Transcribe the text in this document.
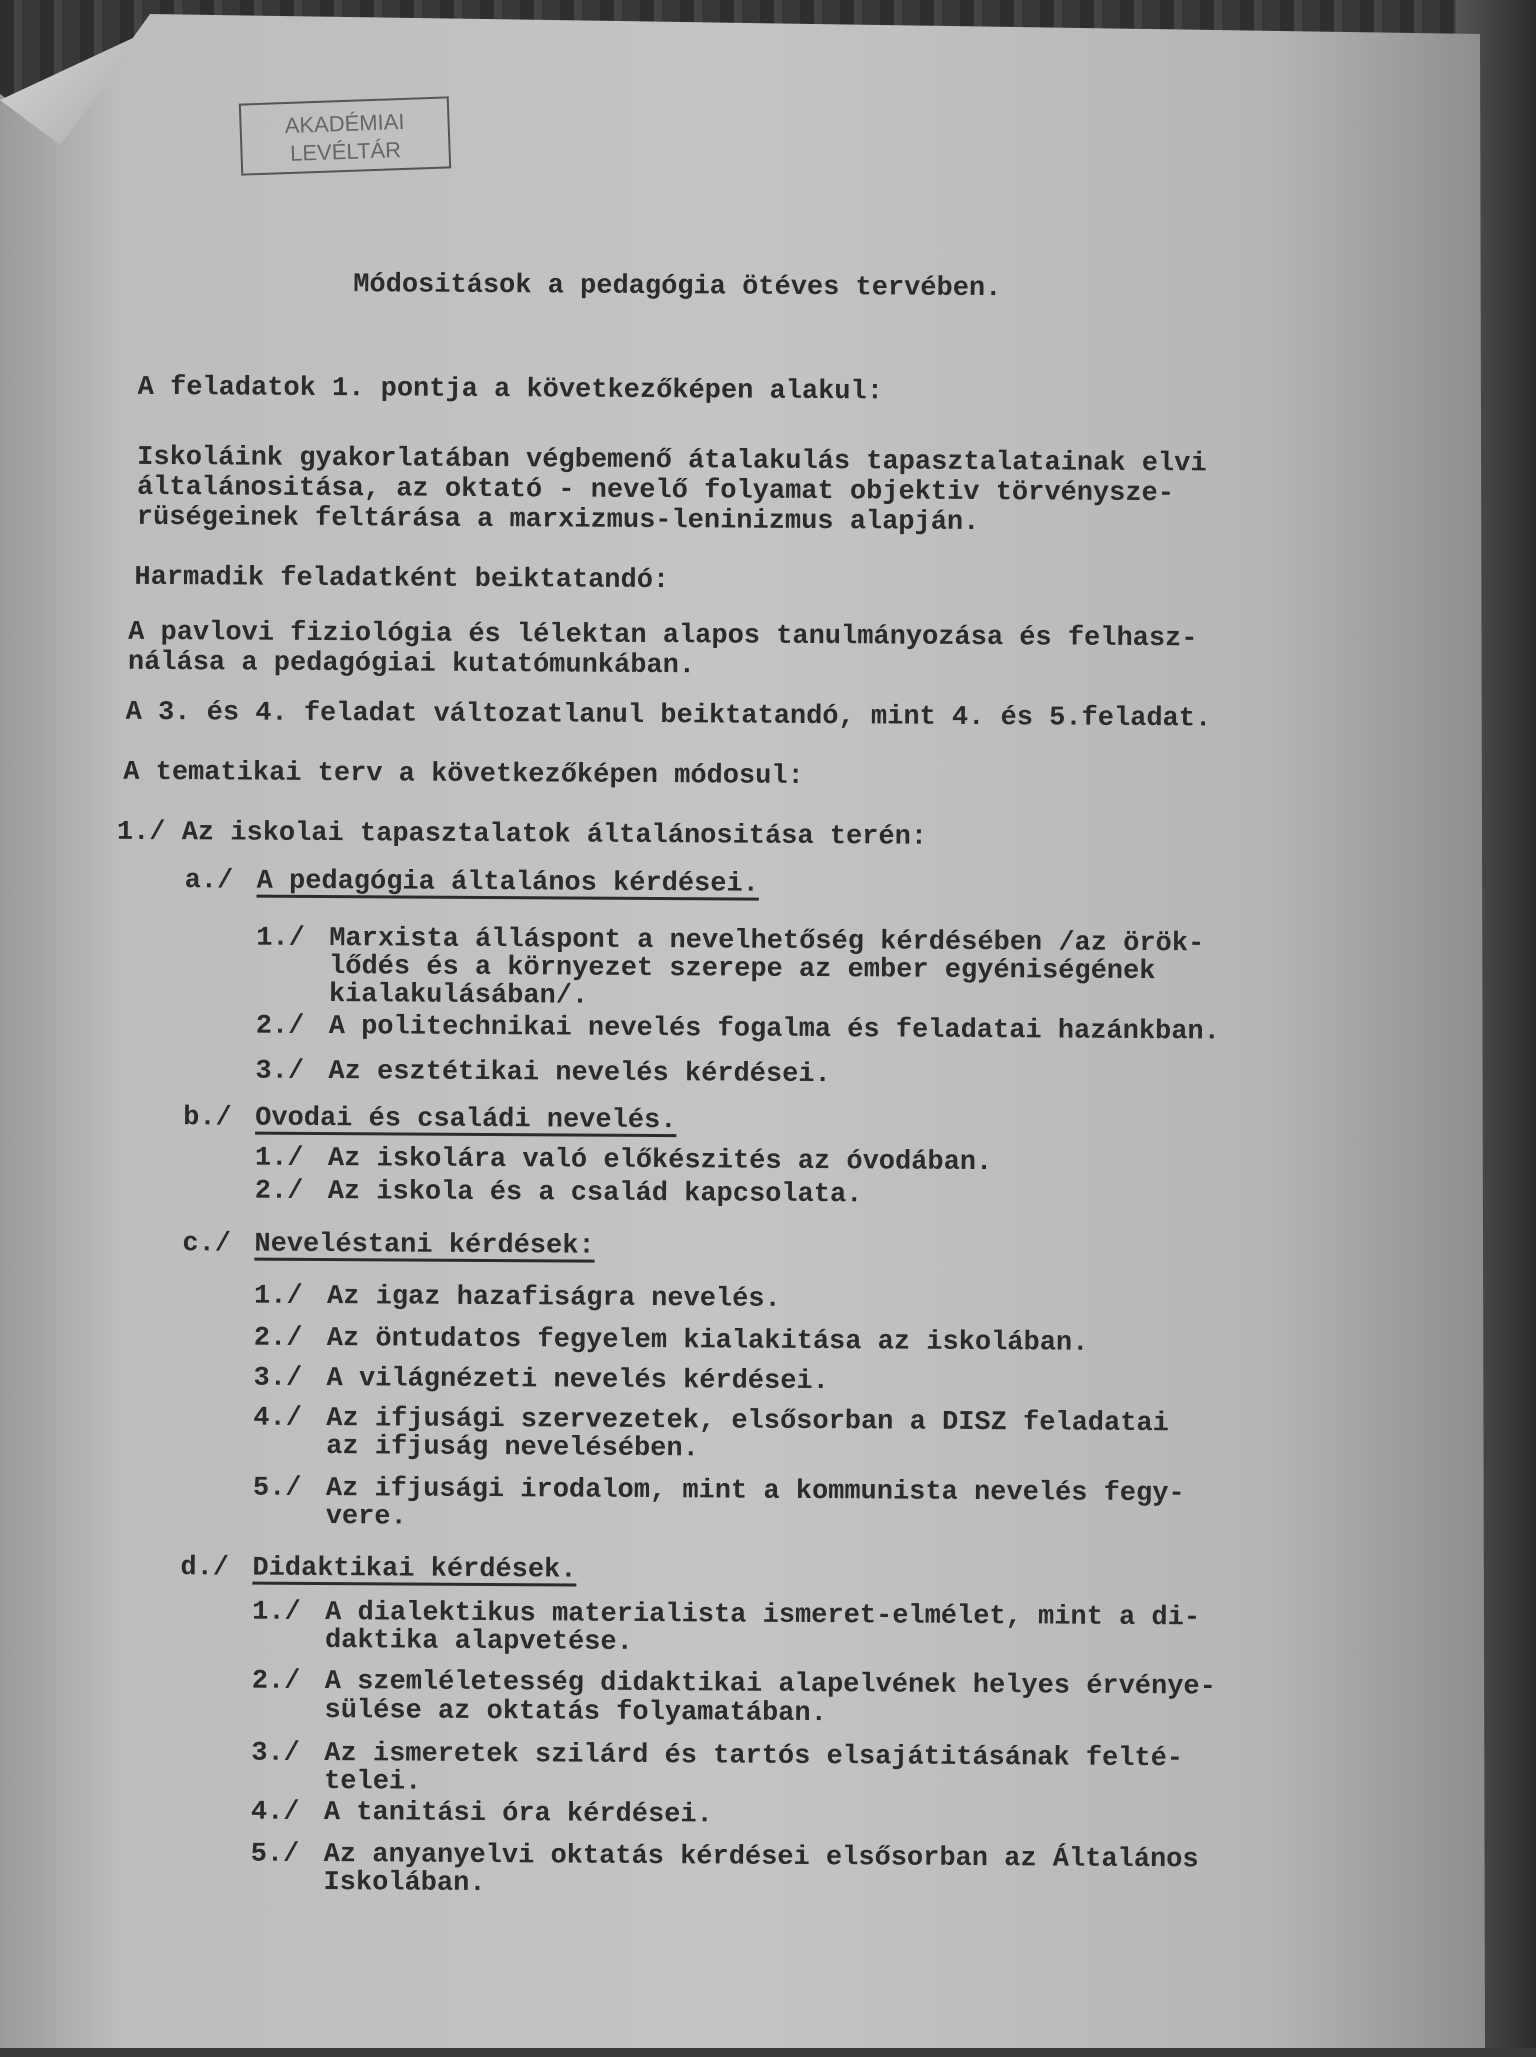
AKADÉMIAI
LEVÉLTÁR
Módositások a pedagógia ötéves tervében.
A feladatok 1. pontja a következőképen alakul:
Iskoláink gyakorlatában végbemenő átalakulás tapasztalatainak elvi
általánositása, az oktató - nevelő folyamat objektiv törvénysze-
rüségeinek feltárása a marxizmus-leninizmus alapján.
Harmadik feladatként beiktatandó:
A pavlovi fiziológia és lélektan alapos tanulmányozása és felhasz-
nálása a pedagógiai kutatómunkában.
A 3. és 4. feladat változatlanul beiktatandó, mint 4. és 5.feladat.
A tematikai terv a következőképen módosul:
1./ Az iskolai tapasztalatok általánositása terén:
a./ A pedagógia általános kérdései.
1./ Marxista álláspont a nevelhetőség kérdésében /az örök-
lődés és a környezet szerepe az ember egyéniségének
kialakulásában/.
2./ A politechnikai nevelés fogalma és feladatai hazánkban.
3./ Az esztétikai nevelés kérdései.
b./ Ovodai és családi nevelés.
1./ Az iskolára való előkészités az óvodában.
2./ Az iskola és a család kapcsolata.
c./ Neveléstani kérdések:
1./ Az igaz hazafiságra nevelés.
2./ Az öntudatos fegyelem kialakitása az iskolában.
3./ A világnézeti nevelés kérdései.
4./ Az ifjusági szervezetek, elsősorban a DISZ feladatai
az ifjuság nevelésében.
5./ Az ifjusági irodalom, mint a kommunista nevelés fegy-
vere.
d./ Didaktikai kérdések.
1./ A dialektikus materialista ismeret-elmélet, mint a di-
daktika alapvetése.
2./ A szemléletesség didaktikai alapelvének helyes érvénye-
sülése az oktatás folyamatában.
3./ Az ismeretek szilárd és tartós elsajátitásának felté-
telei.
4./ A tanitási óra kérdései.
5./ Az anyanyelvi oktatás kérdései elsősorban az Általános
Iskolában.
